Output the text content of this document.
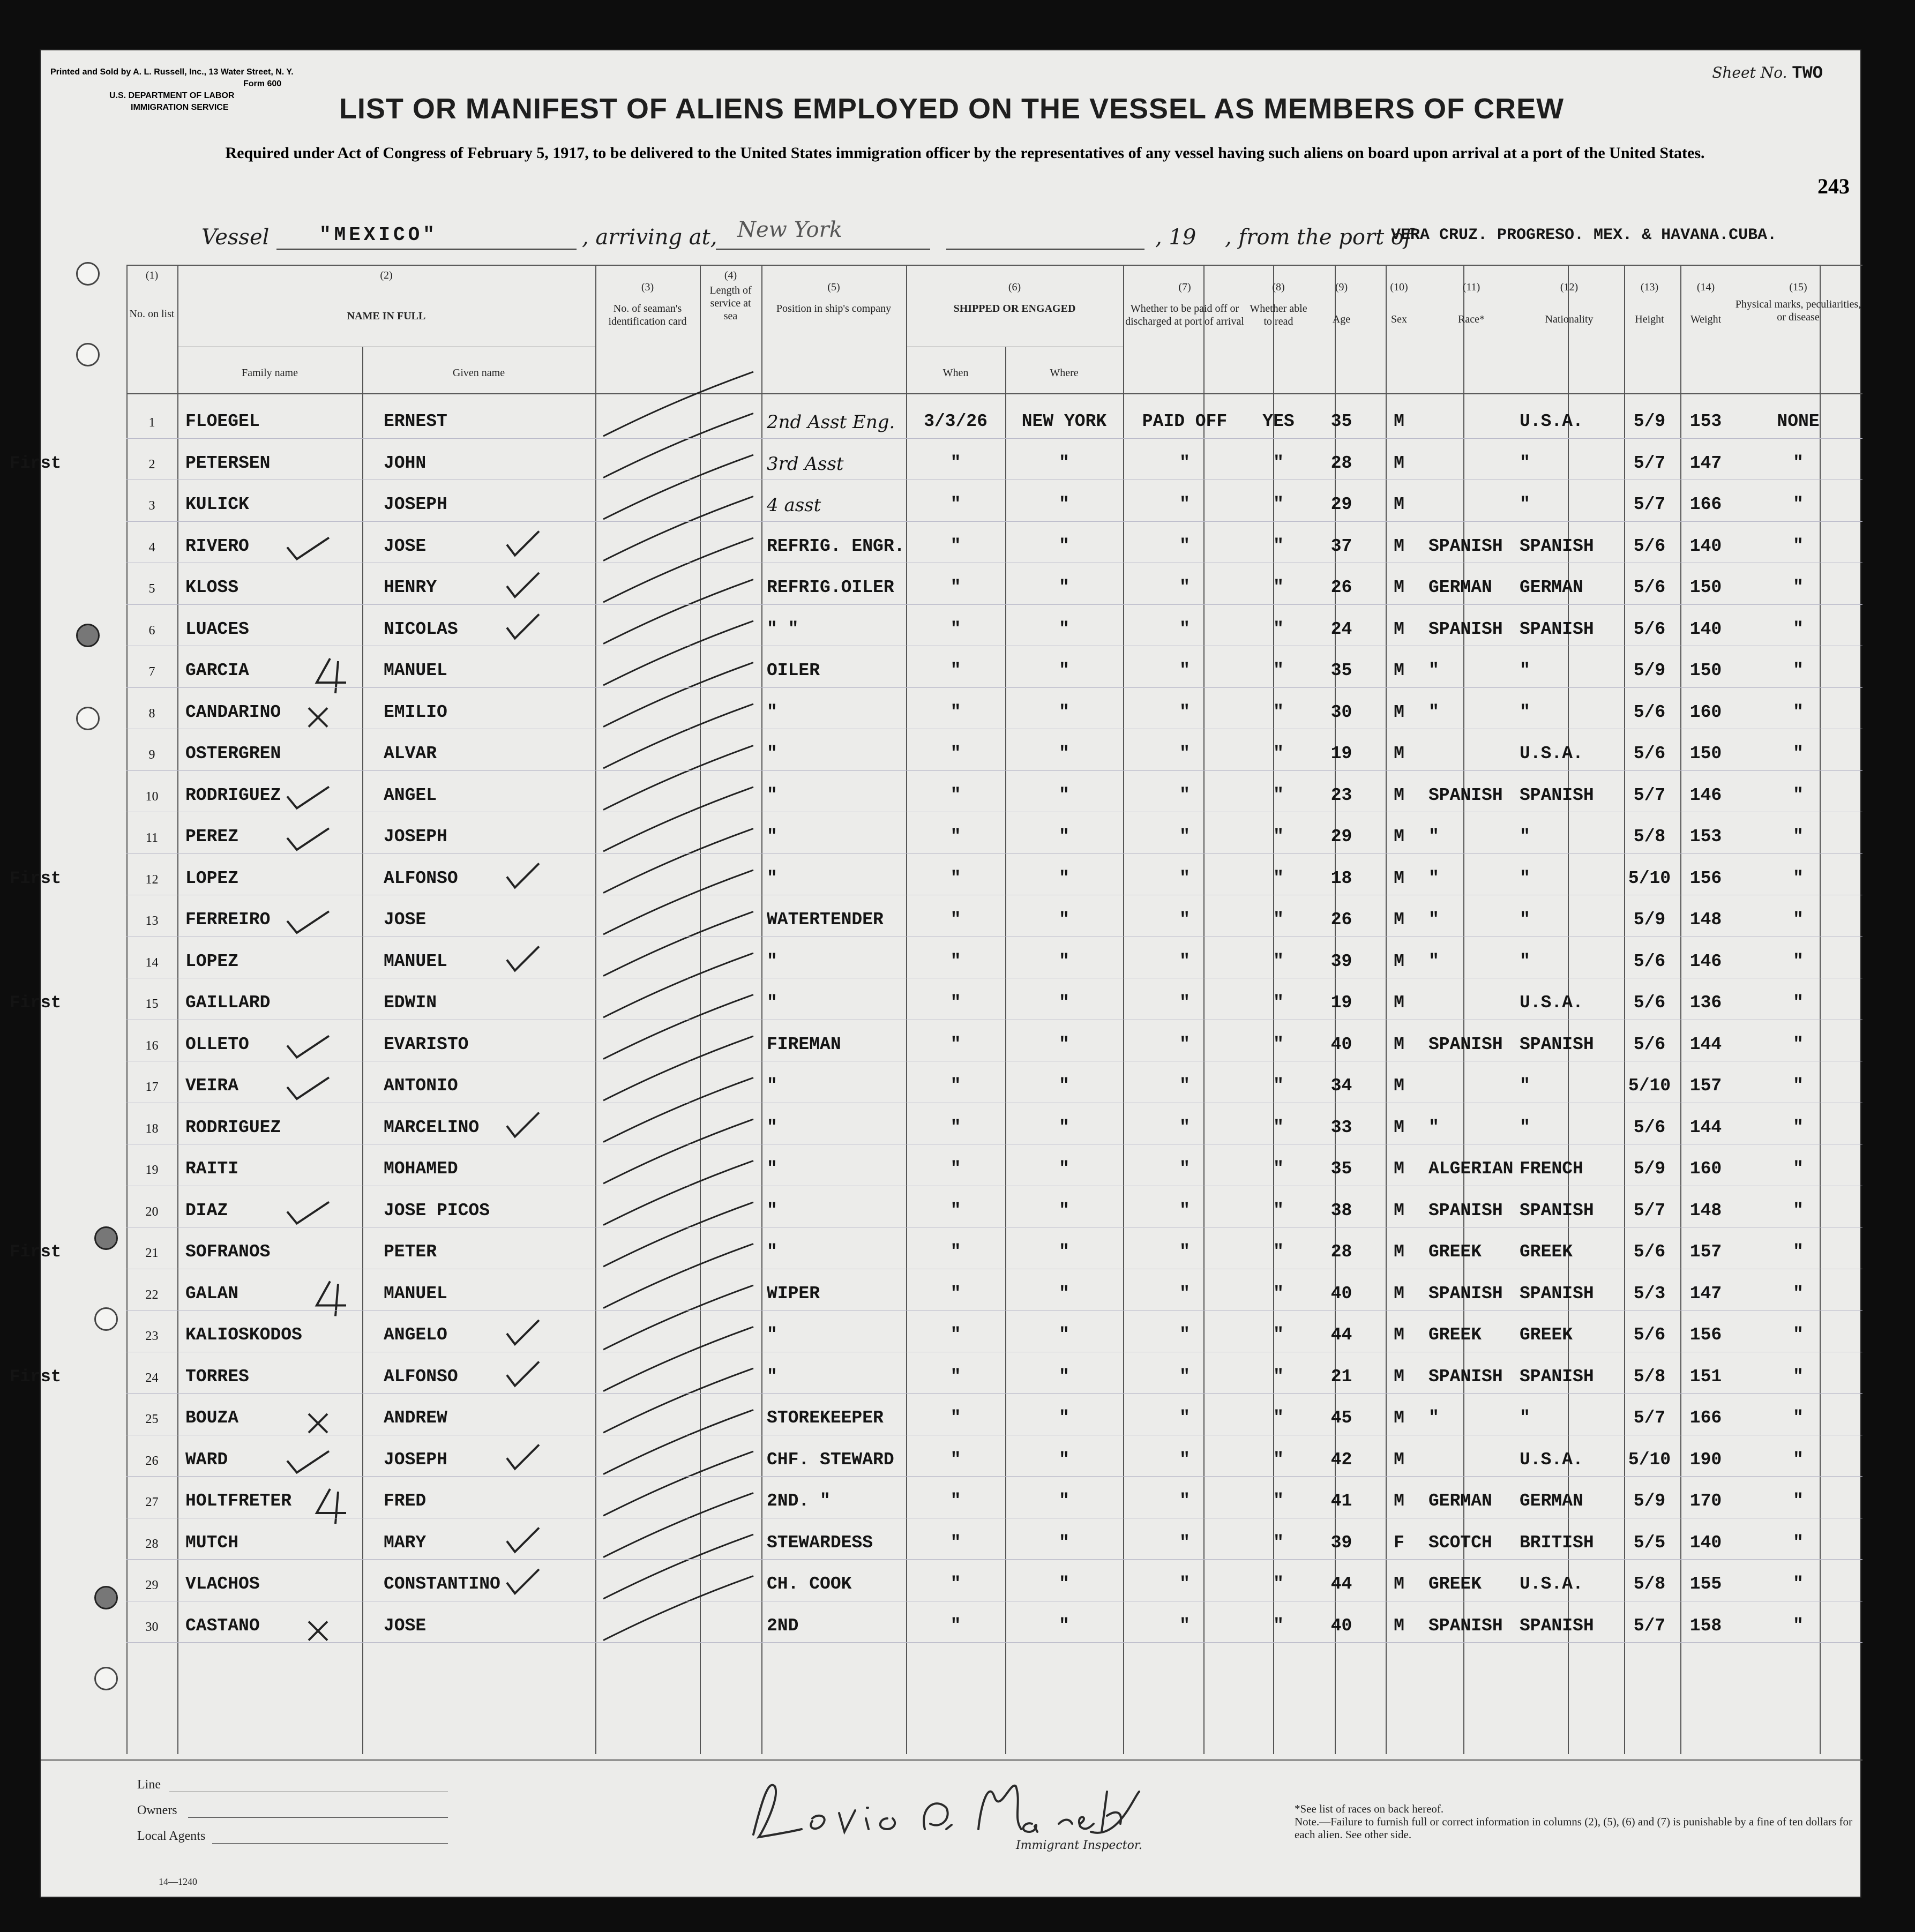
Printed and Sold by A. L. Russell, Inc., 13 Water Street, N. Y.
Form 600
U.S. DEPARTMENT OF LABOR
IMMIGRATION SERVICE
Sheet No. TWO
LIST OR MANIFEST OF ALIENS EMPLOYED ON THE VESSEL AS MEMBERS OF CREW
Required under Act of Congress of February 5, 1917, to be delivered to the United States immigration officer by the representatives of any vessel having such aliens on board upon arrival at a port of the United States.
243
Vessel	"MEXICO"	, arriving at, New York	, 19 , from the port of
VERA CRUZ. PROGRESO. MEX. & HAVANA.CUBA.
(1)
No. on list
(2)
NAME IN FULL
Family name	Given name
(3)
No. of seaman's identification card
(4)
Length of service at sea
(5)
Position in ship's company
(6)
SHIPPED OR ENGAGED
When	Where
(7)
Whether to be paid off or discharged at port of arrival
(8)
Whether able to read
(9)
Age
(10)
Sex
(11)
Race*
(12)
Nationality
(13)
Height
(14)
Weight
(15)
Physical marks, peculiarities, or disease
1	FLOEGEL	ERNEST	2nd Asst Eng.	3/3/26	NEW YORK	PAID OFF	YES	35	M	U.S.A.	5/9	153	NONE
2
First	PETERSEN	JOHN	3rd Asst	"	"	"	"	28	M	"	5/7	147	"
3	KULICK	JOSEPH	4 asst	"	"	"	"	29	M	"	5/7	166	"
4	RIVERO	JOSE	REFRIG. ENGR.	"	"	"	"	37	M	SPANISH SPANISH	5/6	140	"
5	KLOSS	HENRY	REFRIG.OILER	"	"	"	"	26	M	GERMAN	GERMAN	5/6	150	"
6	LUACES	NICOLAS	" "	"	"	"	"	24	M	SPANISH SPANISH	5/6	140	"
7	GARCIA	MANUEL	OILER	"	"	"	"	35	M	"	"	5/9	150	"
8	CANDARINO	EMILIO	"	"	"	"	"	30	M	"	"	5/6	160	"
9	OSTERGREN	ALVAR	"	"	"	"	"	19	M	U.S.A.	5/6	150	"
10	RODRIGUEZ	ANGEL	"	"	"	"	"	23	M	SPANISH SPANISH	5/7	146	"
11	PEREZ	JOSEPH	"	"	"	"	"	29	M	"	"	5/8	153	"
12
First	LOPEZ	ALFONSO	"	"	"	"	"	18	M	"	"	5/10	156	"
13	FERREIRO	JOSE	WATERTENDER	"	"	"	"	26	M	"	"	5/9	148	"
14	LOPEZ	MANUEL	"	"	"	"	"	39	M	"	"	5/6	146	"
15
First	GAILLARD	EDWIN	"	"	"	"	"	19	M	U.S.A.	5/6	136	"
16	OLLETO	EVARISTO	FIREMAN	"	"	"	"	40	M	SPANISH SPANISH	5/6	144	"
17	VEIRA	ANTONIO	"	"	"	"	"	34	M	"	5/10	157	"
18	RODRIGUEZ	MARCELINO	"	"	"	"	"	33	M	"	"	5/6	144	"
19	RAITI	MOHAMED	"	"	"	"	"	35	M	ALGERIAN FRENCH	5/9	160	"
20	DIAZ	JOSE PICOS	"	"	"	"	"	38	M	SPANISH SPANISH	5/7	148	"
21
First	SOFRANOS	PETER	"	"	"	"	"	28	M	GREEK	GREEK	5/6	157	"
22	GALAN	MANUEL	WIPER	"	"	"	"	40	M	SPANISH SPANISH	5/3	147	"
23	KALIOSKODOS	ANGELO	"	"	"	"	"	44	M	GREEK	GREEK	5/6	156	"
24
First	TORRES	ALFONSO	"	"	"	"	"	21	M	SPANISH SPANISH	5/8	151	"
25	BOUZA	ANDREW	STOREKEEPER	"	"	"	"	45	M	"	"	5/7	166	"
26	WARD	JOSEPH	CHF. STEWARD	"	"	"	"	42	M	U.S.A.	5/10	190	"
27	HOLTFRETER	FRED	2ND. "	"	"	"	"	41	M	GERMAN	GERMAN	5/9	170	"
28	MUTCH	MARY	STEWARDESS	"	"	"	"	39	F	SCOTCH	BRITISH	5/5	140	"
29	VLACHOS	CONSTANTINO	CH. COOK	"	"	"	"	44	M	GREEK	U.S.A.	5/8	155	"
30	CASTANO	JOSE	2ND	"	"	"	"	40	M	SPANISH SPANISH	5/7	158	"
Line
Owners
Local Agents
14—1240
Immigrant Inspector.
*See list of races on back hereof.
Note.—Failure to furnish full or correct information in columns (2), (5), (6) and (7) is punishable by a fine of ten dollars for each alien. See other side.
